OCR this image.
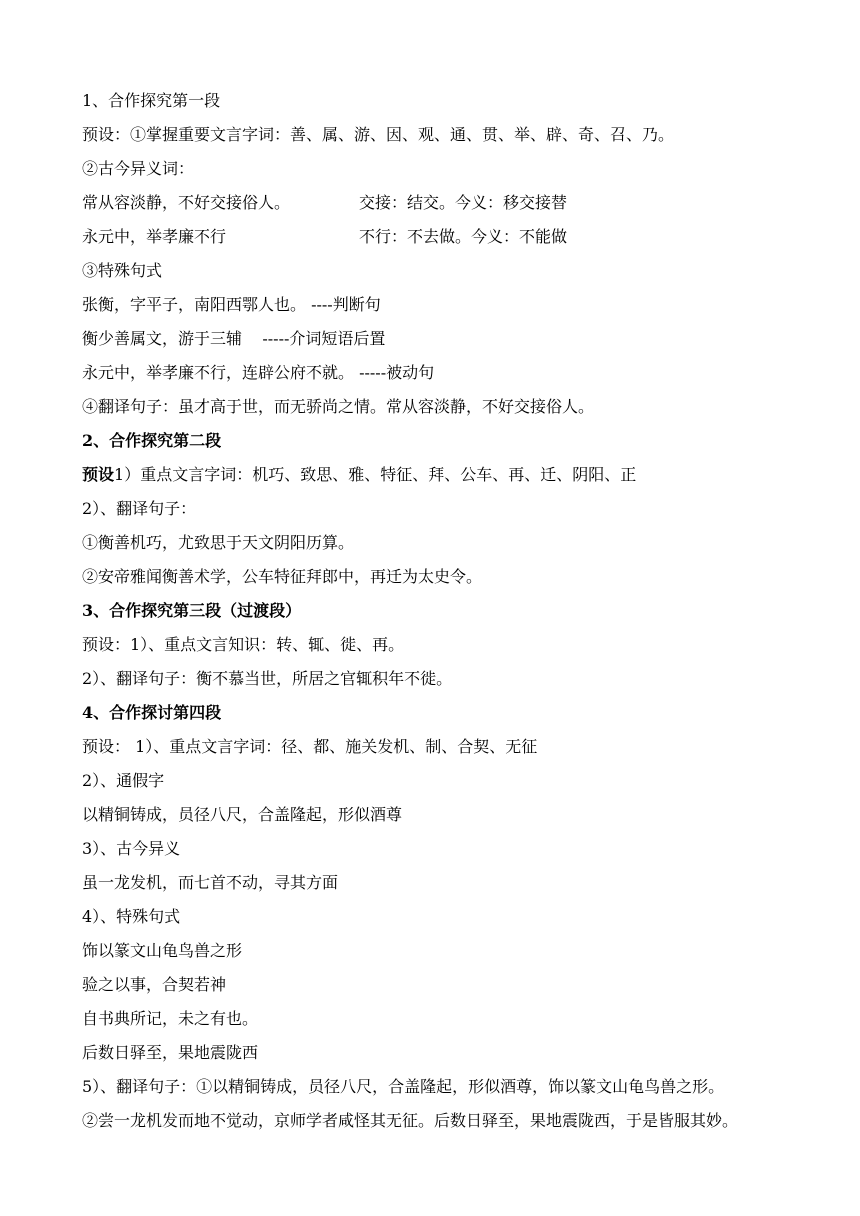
1、合作探究第一段
预设：①掌握重要文言字词：善、属、游、因、观、通、贯、举、辟、奇、召、乃。
②古今异义词：
常从容淡静，不好交接俗人。	交接：结交。今义：移交接替
永元中，举孝廉不行	不行：不去做。今义：不能做
③特殊句式
张衡，字平子，南阳西鄂人也。 ----判断句
衡少善属文，游于三辅    -----介词短语后置
永元中，举孝廉不行，连辟公府不就。 -----被动句
④翻译句子：虽才高于世，而无骄尚之情。常从容淡静，不好交接俗人。
2、合作探究第二段
预设1）重点文言字词：机巧、致思、雅、特征、拜、公车、再、迁、阴阳、正
2）、翻译句子：
①衡善机巧，尤致思于天文阴阳历算。
②安帝雅闻衡善术学，公车特征拜郎中，再迁为太史令。
3、合作探究第三段（过渡段）
预设：1）、重点文言知识：转、辄、徙、再。
2）、翻译句子：衡不慕当世，所居之官辄积年不徙。
4、合作探讨第四段
预设： 1）、重点文言字词：径、都、施关发机、制、合契、无征
2）、通假字
以精铜铸成，员径八尺，合盖隆起，形似酒尊
3）、古今异义
虽一龙发机，而七首不动，寻其方面
4）、特殊句式
饰以篆文山龟鸟兽之形
验之以事，合契若神
自书典所记，未之有也。
后数日驿至，果地震陇西
5）、翻译句子：①以精铜铸成，员径八尺，合盖隆起，形似酒尊，饰以篆文山龟鸟兽之形。
②尝一龙机发而地不觉动，京师学者咸怪其无征。后数日驿至，果地震陇西，于是皆服其妙。
